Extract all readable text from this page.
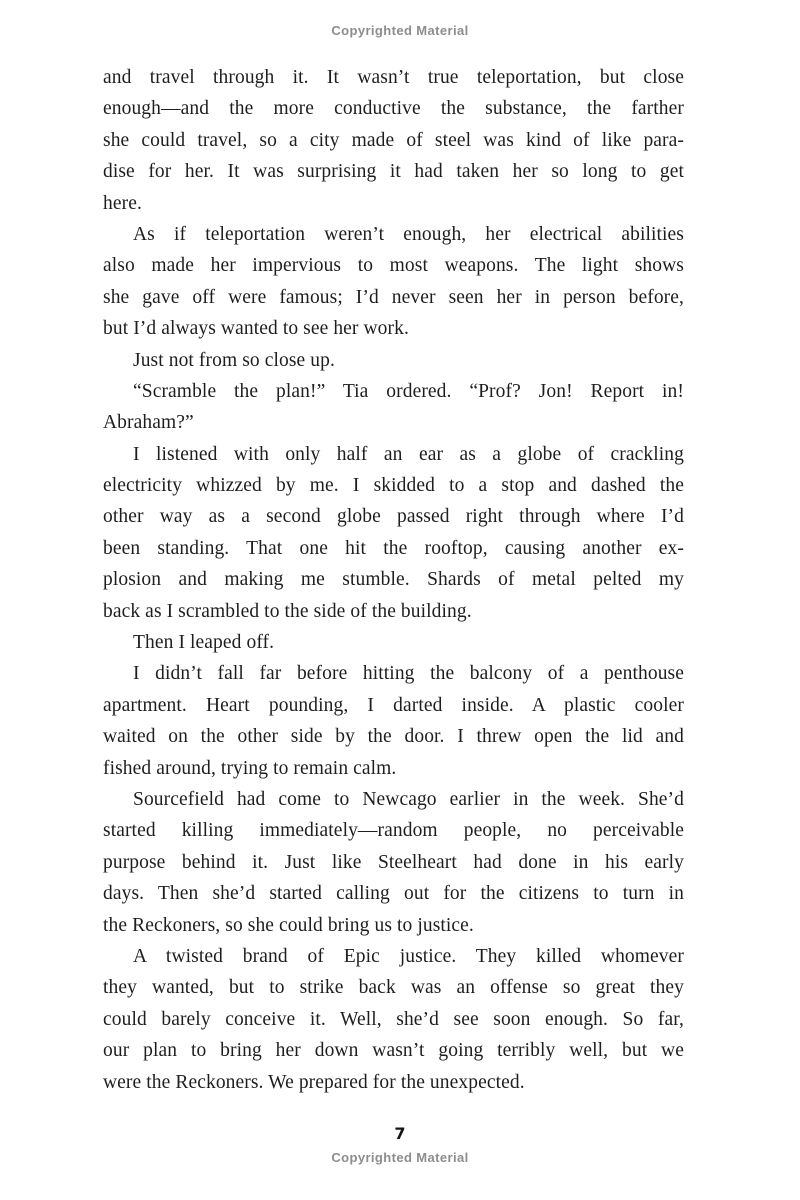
Copyrighted Material
and travel through it. It wasn’t true teleportation, but close
enough—and the more conductive the substance, the farther
she could travel, so a city made of steel was kind of like para-
dise for her. It was surprising it had taken her so long to get
here.
As if teleportation weren’t enough, her electrical abilities
also made her impervious to most weapons. The light shows
she gave off were famous; I’d never seen her in person before,
but I’d always wanted to see her work.
Just not from so close up.
“Scramble the plan!” Tia ordered. “Prof? Jon! Report in!
Abraham?”
I listened with only half an ear as a globe of crackling
electricity whizzed by me. I skidded to a stop and dashed the
other way as a second globe passed right through where I’d
been standing. That one hit the rooftop, causing another ex-
plosion and making me stumble. Shards of metal pelted my
back as I scrambled to the side of the building.
Then I leaped off.
I didn’t fall far before hitting the balcony of a penthouse
apartment. Heart pounding, I darted inside. A plastic cooler
waited on the other side by the door. I threw open the lid and
fished around, trying to remain calm.
Sourcefield had come to Newcago earlier in the week. She’d
started killing immediately—random people, no perceivable
purpose behind it. Just like Steelheart had done in his early
days. Then she’d started calling out for the citizens to turn in
the Reckoners, so she could bring us to justice.
A twisted brand of Epic justice. They killed whomever
they wanted, but to strike back was an offense so great they
could barely conceive it. Well, she’d see soon enough. So far,
our plan to bring her down wasn’t going terribly well, but we
were the Reckoners. We prepared for the unexpected.
7
Copyrighted Material
